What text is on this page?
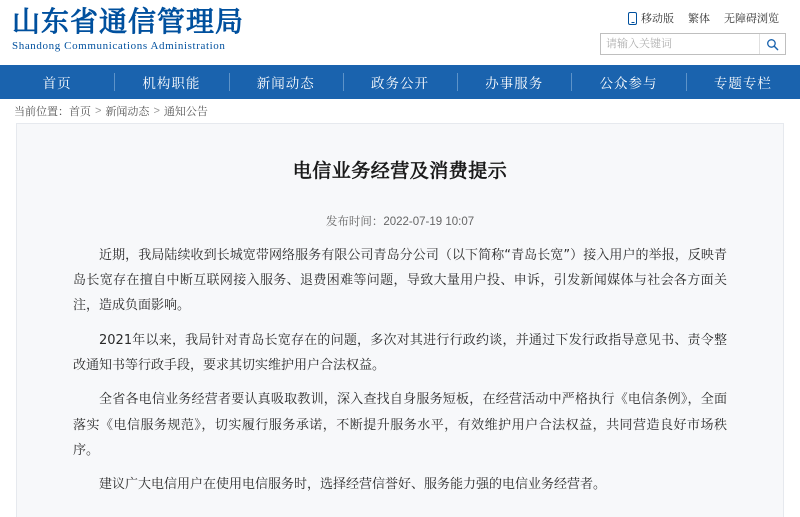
山东省通信管理局
Shandong Communications Administration
移动版 繁体 无障碍浏览
请输入关键词
首页	机构职能	新闻动态	政务公开	办事服务	公众参与	专题专栏
当前位置： 首页 > 新闻动态 > 通知公告
电信业务经营及消费提示
发布时间：2022-07-19 10:07

近期，我局陆续收到长城宽带网络服务有限公司青岛分公司（以下简称“青岛长宽”）接入用户的举报，反映青岛长宽存在擅自中断互联网接入服务、退费困难等问题，导致大量用户投、申诉，引发新闻媒体与社会各方面关注，造成负面影响。

2021年以来，我局针对青岛长宽存在的问题，多次对其进行行政约谈，并通过下发行政指导意见书、责令整改通知书等行政手段，要求其切实维护用户合法权益。

全省各电信业务经营者要认真吸取教训，深入查找自身服务短板，在经营活动中严格执行《电信条例》，全面落实《电信服务规范》，切实履行服务承诺，不断提升服务水平，有效维护用户合法权益，共同营造良好市场秩序。

建议广大电信用户在使用电信服务时，选择经营信誉好、服务能力强的电信业务经营者。
